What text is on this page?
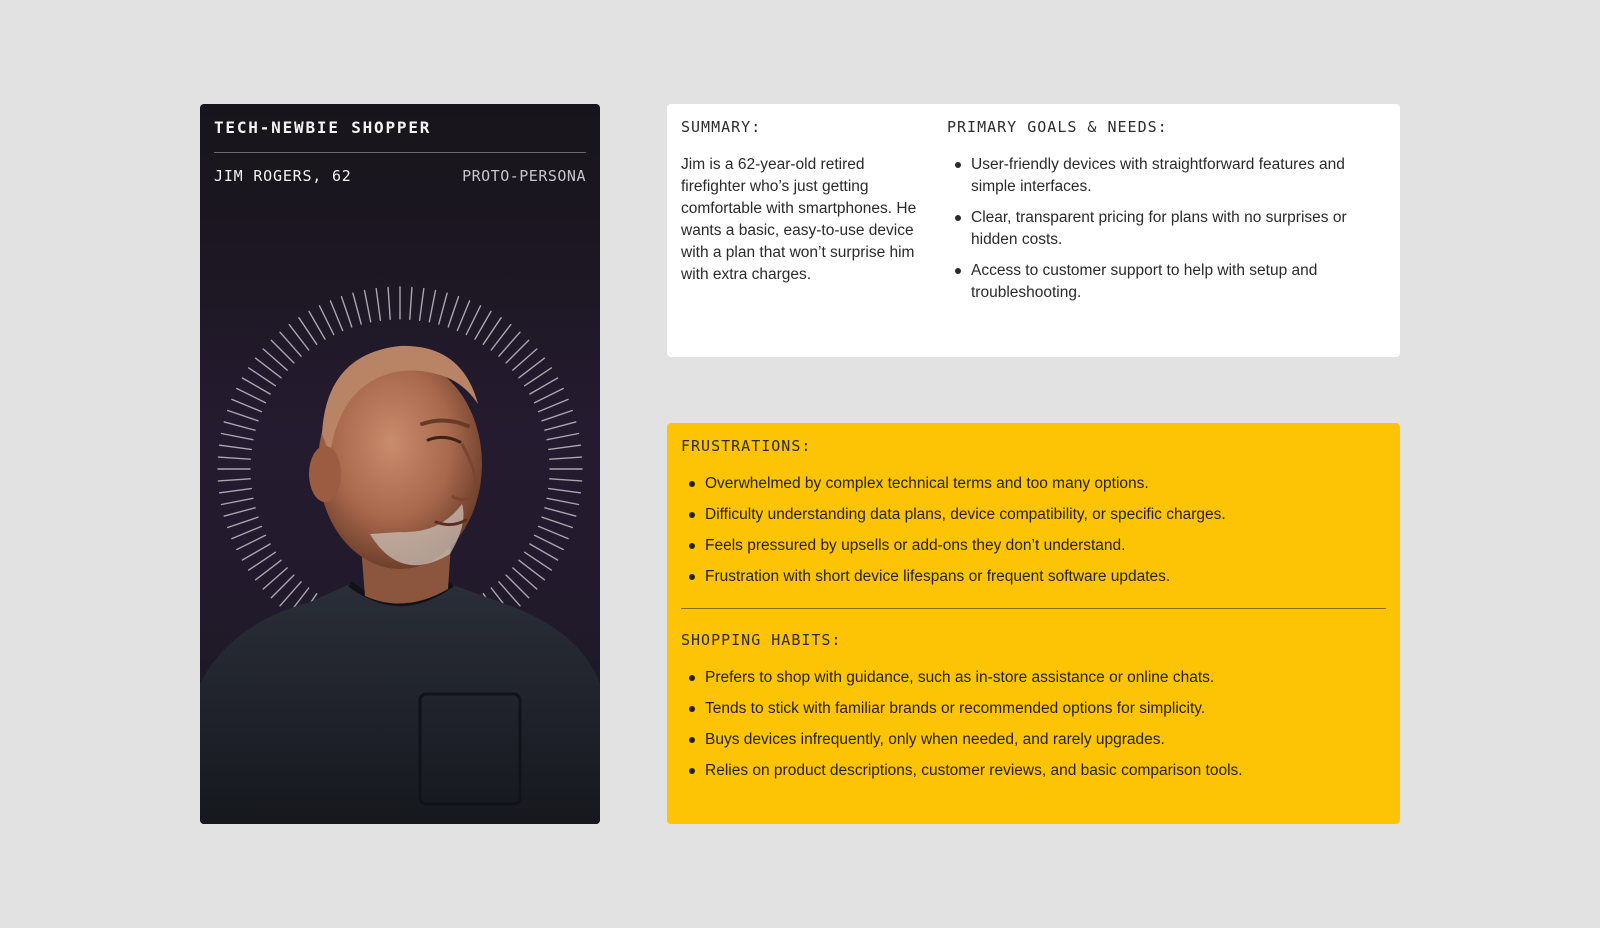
TECH-NEWBIE SHOPPER
JIM ROGERS, 62	PROTO-PERSONA
SUMMARY:

Jim is a 62-year-old retired firefighter who’s just getting comfortable with smartphones. He wants a basic, easy-to-use device with a plan that won’t surprise him with extra charges.

PRIMARY GOALS & NEEDS:
User-friendly devices with straightforward features and simple interfaces.
Clear, transparent pricing for plans with no surprises or hidden costs.
Access to customer support to help with setup and troubleshooting.
FRUSTRATIONS:
Overwhelmed by complex technical terms and too many options.
Difficulty understanding data plans, device compatibility, or specific charges.
Feels pressured by upsells or add-ons they don’t understand.
Frustration with short device lifespans or frequent software updates.
SHOPPING HABITS:
Prefers to shop with guidance, such as in-store assistance or online chats.
Tends to stick with familiar brands or recommended options for simplicity.
Buys devices infrequently, only when needed, and rarely upgrades.
Relies on product descriptions, customer reviews, and basic comparison tools.
